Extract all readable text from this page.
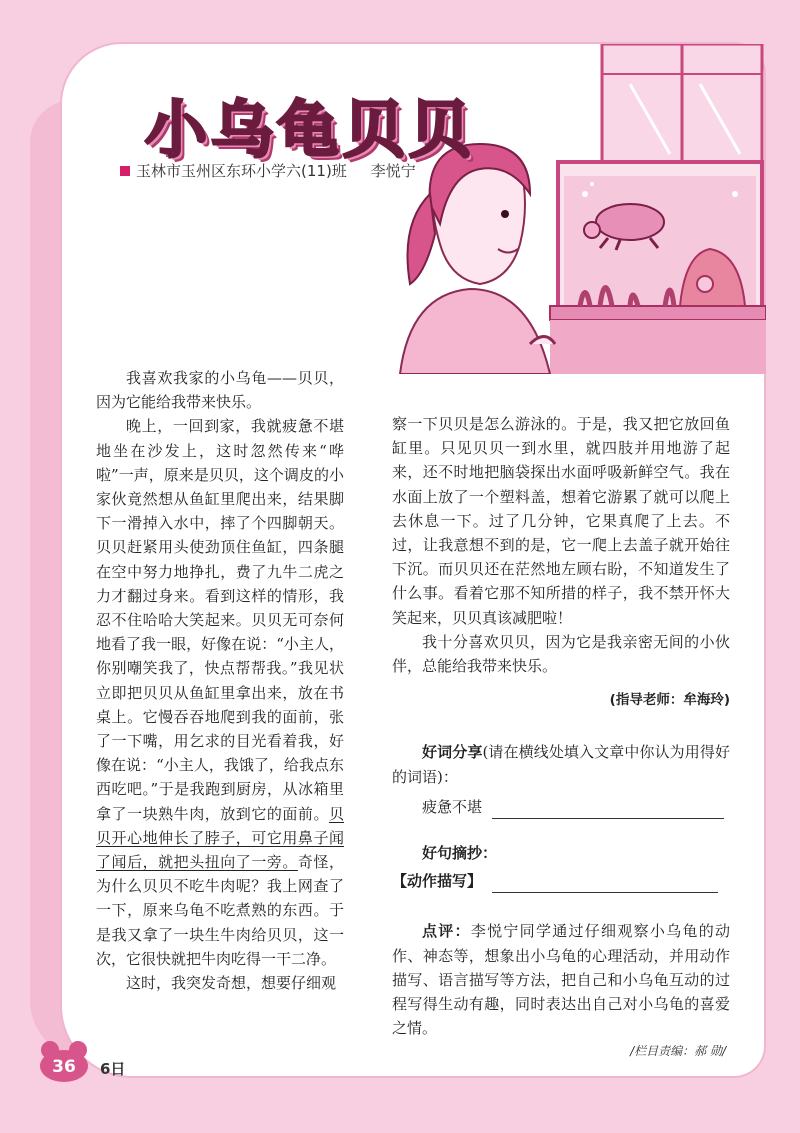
小乌龟贝贝
玉林市玉州区东环小学六(11)班 李悦宁

我喜欢我家的小乌龟——贝贝，因为它能给我带来快乐。

晚上，一回到家，我就疲惫不堪地坐在沙发上，这时忽然传来“哗啦”一声，原来是贝贝，这个调皮的小家伙竟然想从鱼缸里爬出来，结果脚下一滑掉入水中，摔了个四脚朝天。贝贝赶紧用头使劲顶住鱼缸，四条腿在空中努力地挣扎，费了九牛二虎之力才翻过身来。看到这样的情形，我忍不住哈哈大笑起来。贝贝无可奈何地看了我一眼，好像在说：“小主人，你别嘲笑我了，快点帮帮我。”我见状立即把贝贝从鱼缸里拿出来，放在书桌上。它慢吞吞地爬到我的面前，张了一下嘴，用乞求的目光看着我，好像在说：“小主人，我饿了，给我点东西吃吧。”于是我跑到厨房，从冰箱里拿了一块熟牛肉，放到它的面前。贝贝开心地伸长了脖子，可它用鼻子闻了闻后，就把头扭向了一旁。奇怪，为什么贝贝不吃牛肉呢？我上网查了一下，原来乌龟不吃煮熟的东西。于是我又拿了一块生牛肉给贝贝，这一次，它很快就把牛肉吃得一干二净。

这时，我突发奇想，想要仔细观

察一下贝贝是怎么游泳的。于是，我又把它放回鱼缸里。只见贝贝一到水里，就四肢并用地游了起来，还不时地把脑袋探出水面呼吸新鲜空气。我在水面上放了一个塑料盖，想着它游累了就可以爬上去休息一下。过了几分钟，它果真爬了上去。不过，让我意想不到的是，它一爬上去盖子就开始往下沉。而贝贝还在茫然地左顾右盼，不知道发生了什么事。看着它那不知所措的样子，我不禁开怀大笑起来，贝贝真该减肥啦！

我十分喜欢贝贝，因为它是我亲密无间的小伙伴，总能给我带来快乐。

(指导老师：牟海玲)
好词分享(请在横线处填入文章中你认为用得好的词语)：
疲惫不堪
好句摘抄：
【动作描写】

点评：李悦宁同学通过仔细观察小乌龟的动作、神态等，想象出小乌龟的心理活动，并用动作描写、语言描写等方法，把自己和小乌龟互动的过程写得生动有趣，同时表达出自己对小乌龟的喜爱之情。

/栏目责编：郝 勋/
36	6日
